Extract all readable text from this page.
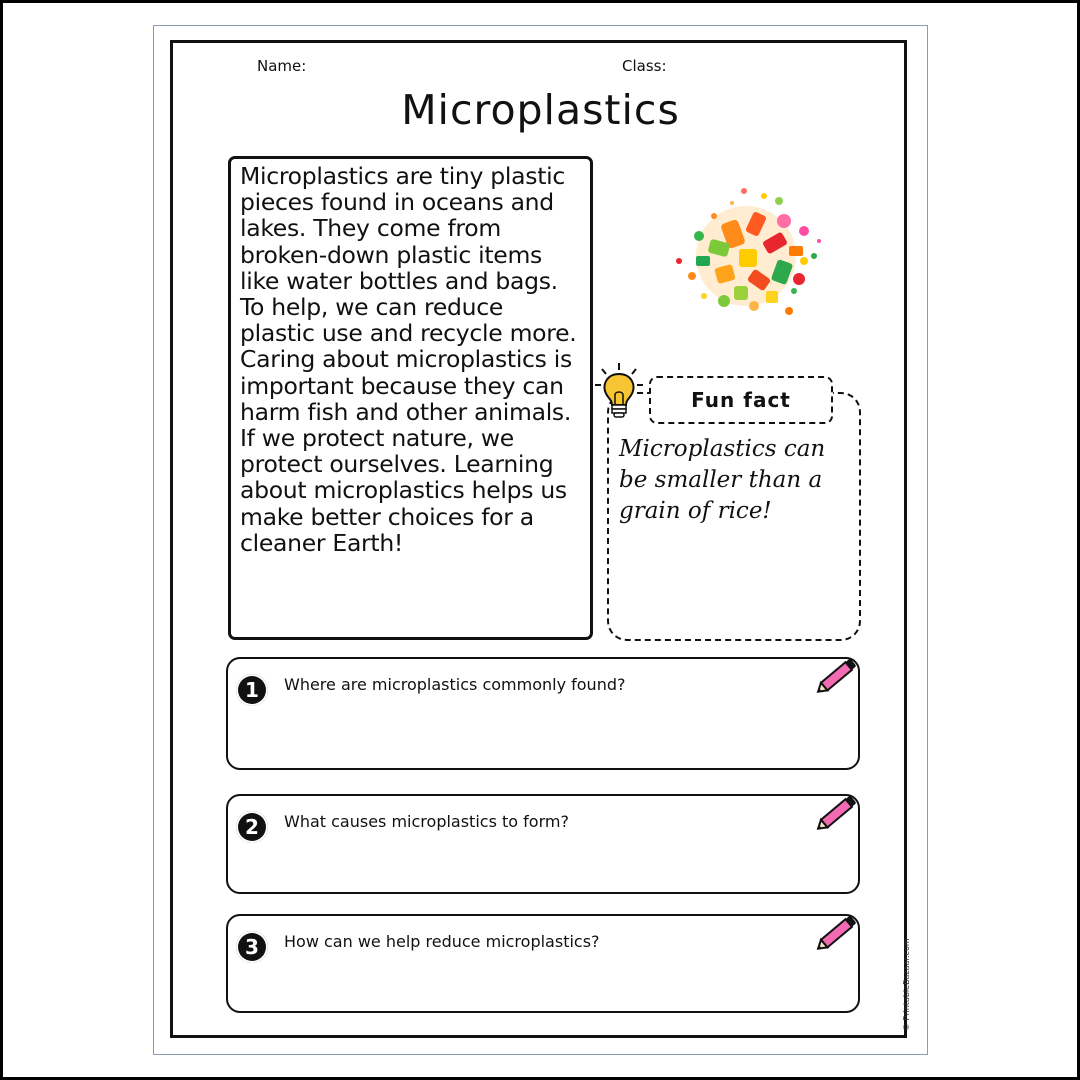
Name:	Class:
Microplastics

Microplastics are tiny plastic pieces found in oceans and lakes. They come from broken-down plastic items like water bottles and bags. To help, we can reduce plastic use and recycle more. Caring about microplastics is important because they can harm fish and other animals. If we protect nature, we protect ourselves. Learning about microplastics helps us make better choices for a cleaner Earth!

Fun fact
Microplastics can be smaller than a grain of rice!
1 Where are microplastics commonly found?
2 What causes microplastics to form?
3 How can we help reduce microplastics?	© PrintableBazaar.com
